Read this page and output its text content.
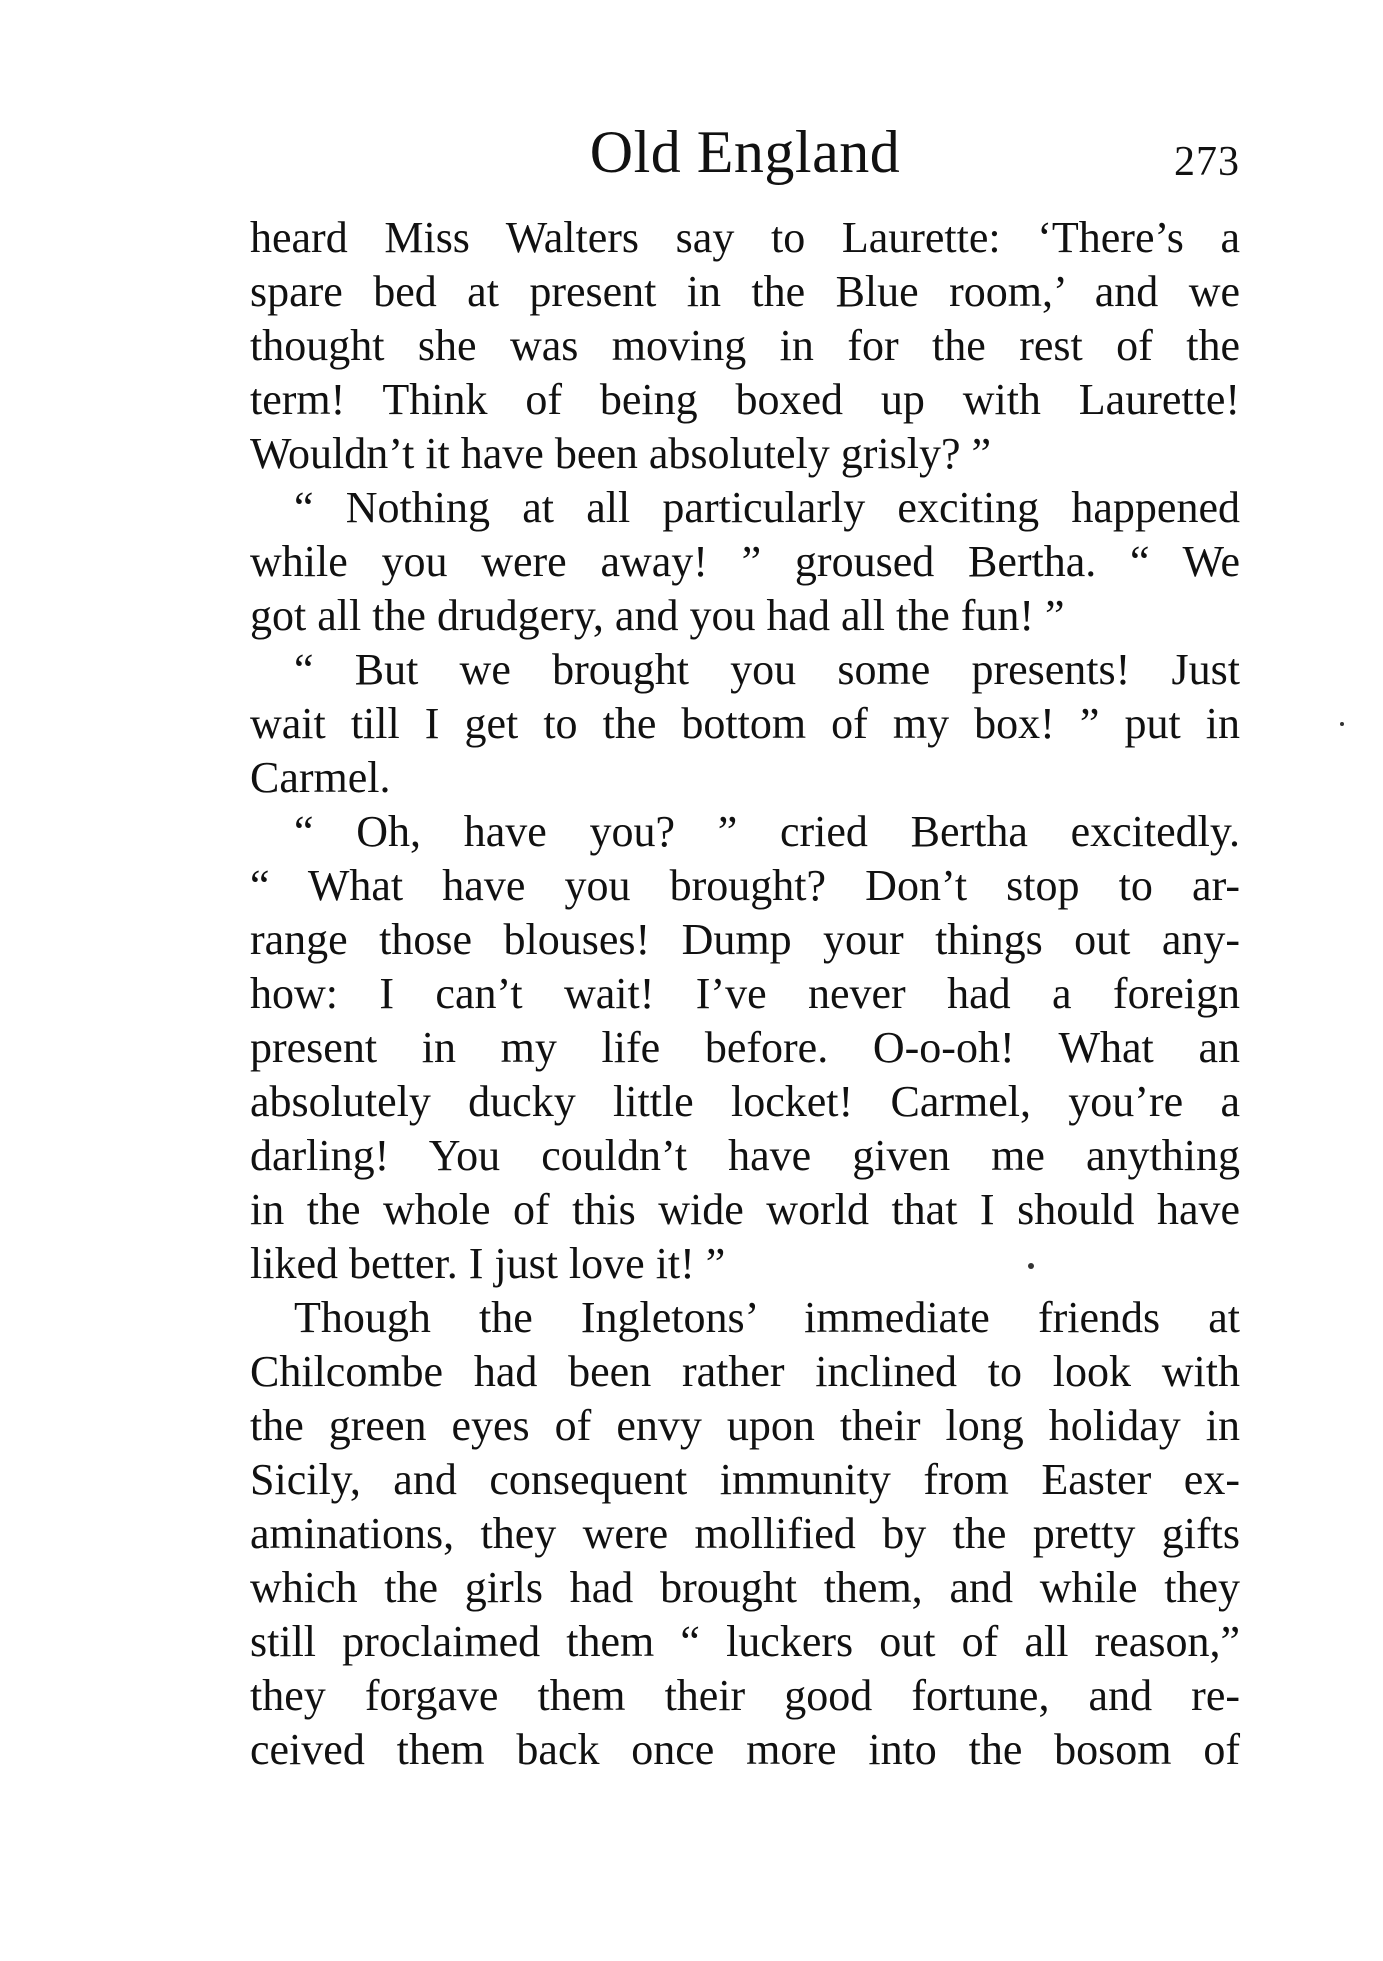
Old England	273
heard Miss Walters say to Laurette: ‘There’s a
spare bed at present in the Blue room,’ and we
thought she was moving in for the rest of the
term! Think of being boxed up with Laurette!
Wouldn’t it have been absolutely grisly? ”
“ Nothing at all particularly exciting happened
while you were away! ” groused Bertha. “ We
got all the drudgery, and you had all the fun! ”
“ But we brought you some presents! Just
wait till I get to the bottom of my box! ” put in
Carmel.
“ Oh, have you? ” cried Bertha excitedly.
“ What have you brought? Don’t stop to ar-
range those blouses! Dump your things out any-
how: I can’t wait! I’ve never had a foreign
present in my life before. O-o-oh! What an
absolutely ducky little locket! Carmel, you’re a
darling! You couldn’t have given me anything
in the whole of this wide world that I should have
liked better. I just love it! ”
Though the Ingletons’ immediate friends at
Chilcombe had been rather inclined to look with
the green eyes of envy upon their long holiday in
Sicily, and consequent immunity from Easter ex-
aminations, they were mollified by the pretty gifts
which the girls had brought them, and while they
still proclaimed them “ luckers out of all reason,”
they forgave them their good fortune, and re-
ceived them back once more into the bosom of
